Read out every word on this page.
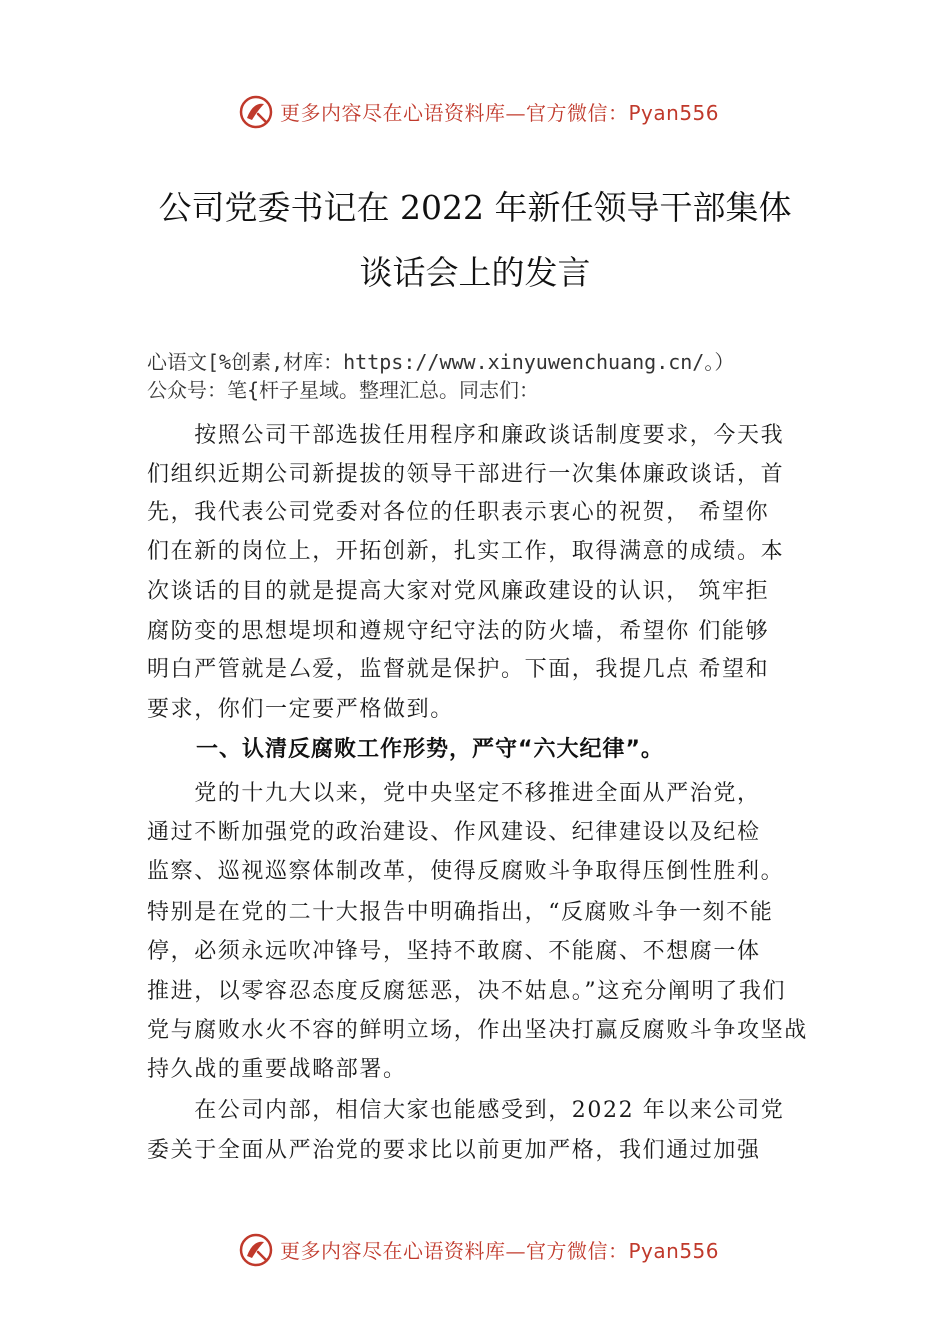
更多内容尽在心语资料库—官方微信：Pyan556
公司党委书记在 2022 年新任领导干部集体
谈话会上的发言
心语文[%创素,材库：https://www.xinyuwenchuang.cn/。）
公众号：笔{杆子星域。整理汇总。同志们：
　　按照公司干部选拔任用程序和廉政谈话制度要求，今天我
们组织近期公司新提拔的领导干部进行一次集体廉政谈话，首
先，我代表公司党委对各位的任职表示衷心的祝贺， 希望你
们在新的岗位上，开拓创新，扎实工作，取得满意的成绩。本
次谈话的目的就是提高大家对党风廉政建设的认识， 筑牢拒
腐防变的思想堤坝和遵规守纪守法的防火墙，希望你 们能够
明白严管就是厶爱，监督就是保护。下面，我提几点 希望和
要求，你们一定要严格做到。
一、认清反腐败工作形势，严守“六大纪律”。
　　党的十九大以来，党中央坚定不移推进全面从严治党，
通过不断加强党的政治建设、作风建设、纪律建设以及纪检
监察、巡视巡察体制改革，使得反腐败斗争取得压倒性胜利。
特别是在党的二十大报告中明确指出，“反腐败斗争一刻不能
停，必须永远吹冲锋号，坚持不敢腐、不能腐、不想腐一体
推进，以零容忍态度反腐惩恶，决不姑息。”这充分阐明了我们
党与腐败水火不容的鲜明立场，作出坚决打赢反腐败斗争攻坚战
持久战的重要战略部署。
　　在公司内部，相信大家也能感受到，2022 年以来公司党
委关于全面从严治党的要求比以前更加严格，我们通过加强
更多内容尽在心语资料库—官方微信：Pyan556
